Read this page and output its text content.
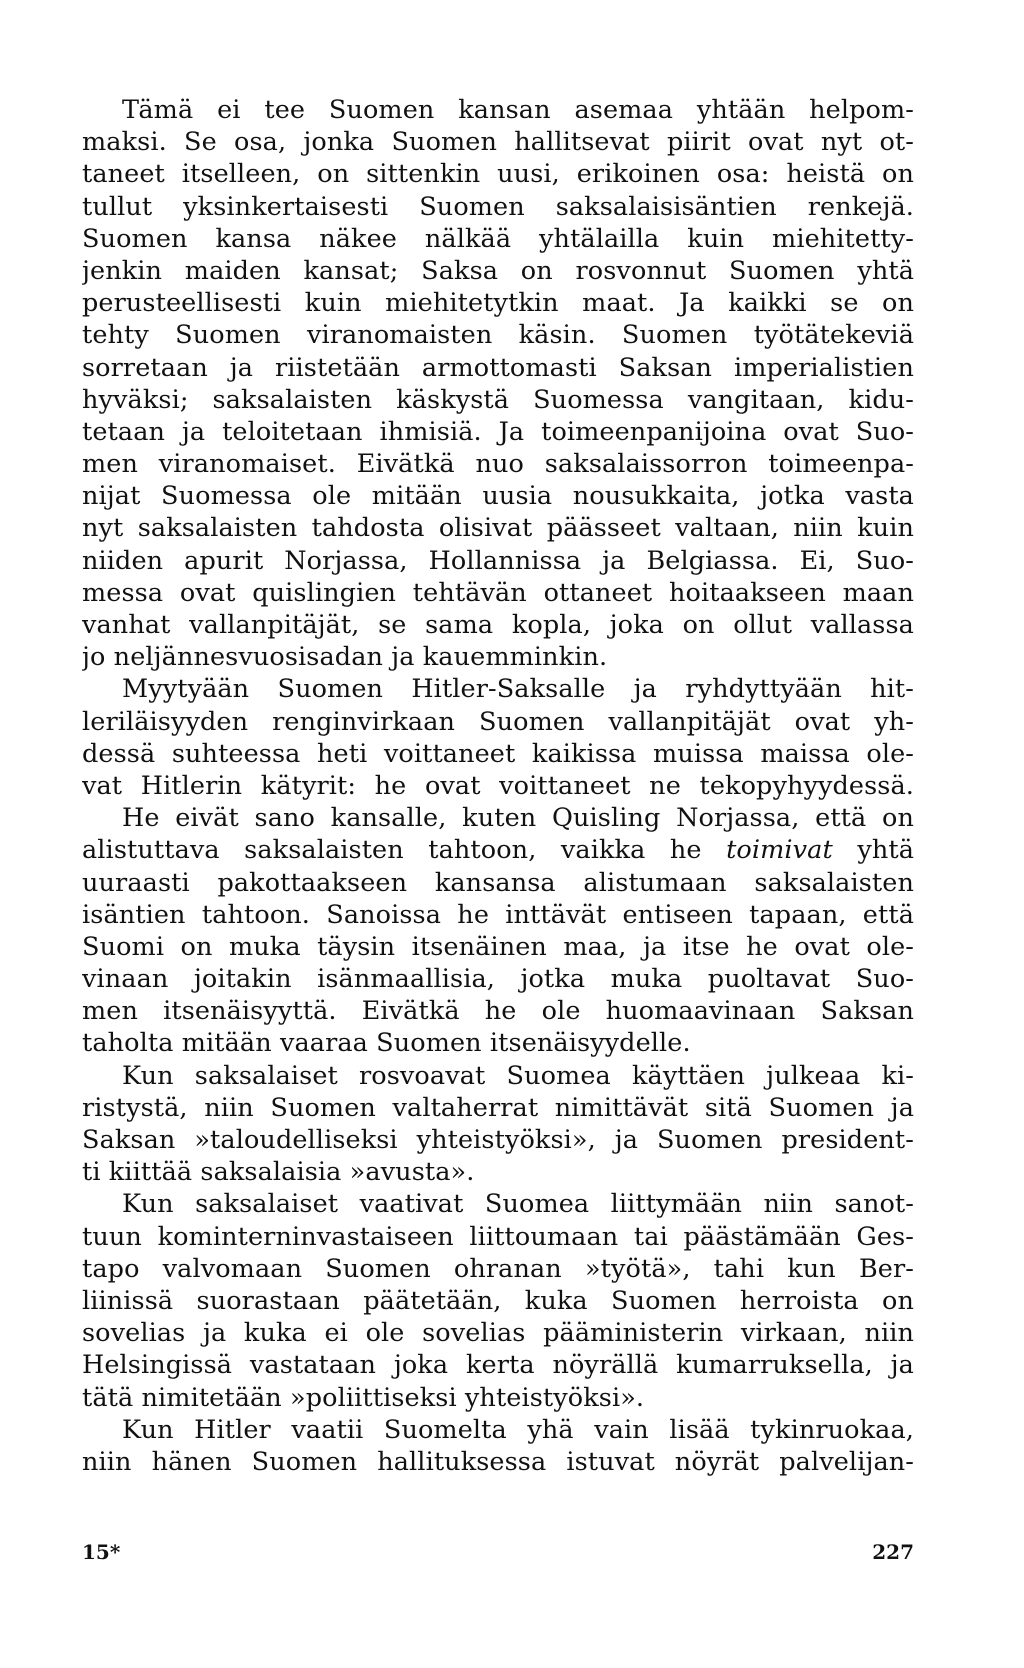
Tämä ei tee Suomen kansan asemaa yhtään helpom-
maksi. Se osa, jonka Suomen hallitsevat piirit ovat nyt ot-
taneet itselleen, on sittenkin uusi, erikoinen osa: heistä on
tullut yksinkertaisesti Suomen saksalaisisäntien renkejä.
Suomen kansa näkee nälkää yhtälailla kuin miehitetty-
jenkin maiden kansat; Saksa on rosvonnut Suomen yhtä
perusteellisesti kuin miehitetytkin maat. Ja kaikki se on
tehty Suomen viranomaisten käsin. Suomen työtätekeviä
sorretaan ja riistetään armottomasti Saksan imperialistien
hyväksi; saksalaisten käskystä Suomessa vangitaan, kidu-
tetaan ja teloitetaan ihmisiä. Ja toimeenpanijoina ovat Suo-
men viranomaiset. Eivätkä nuo saksalaissorron toimeenpa-
nijat Suomessa ole mitään uusia nousukkaita, jotka vasta
nyt saksalaisten tahdosta olisivat päässeet valtaan, niin kuin
niiden apurit Norjassa, Hollannissa ja Belgiassa. Ei, Suo-
messa ovat quislingien tehtävän ottaneet hoitaakseen maan
vanhat vallanpitäjät, se sama kopla, joka on ollut vallassa
jo neljännesvuosisadan ja kauemminkin.
Myytyään Suomen Hitler-Saksalle ja ryhdyttyään hit-
leriläisyyden renginvirkaan Suomen vallanpitäjät ovat yh-
dessä suhteessa heti voittaneet kaikissa muissa maissa ole-
vat Hitlerin kätyrit: he ovat voittaneet ne tekopyhyydessä.
He eivät sano kansalle, kuten Quisling Norjassa, että on
alistuttava saksalaisten tahtoon, vaikka he toimivat yhtä
uuraasti pakottaakseen kansansa alistumaan saksalaisten
isäntien tahtoon. Sanoissa he inttävät entiseen tapaan, että
Suomi on muka täysin itsenäinen maa, ja itse he ovat ole-
vinaan joitakin isänmaallisia, jotka muka puoltavat Suo-
men itsenäisyyttä. Eivätkä he ole huomaavinaan Saksan
taholta mitään vaaraa Suomen itsenäisyydelle.
Kun saksalaiset rosvoavat Suomea käyttäen julkeaa ki-
ristystä, niin Suomen valtaherrat nimittävät sitä Suomen ja
Saksan »taloudelliseksi yhteistyöksi», ja Suomen president-
ti kiittää saksalaisia »avusta».
Kun saksalaiset vaativat Suomea liittymään niin sanot-
tuun kominterninvastaiseen liittoumaan tai päästämään Ges-
tapo valvomaan Suomen ohranan »työtä», tahi kun Ber-
liinissä suorastaan päätetään, kuka Suomen herroista on
sovelias ja kuka ei ole sovelias pääministerin virkaan, niin
Helsingissä vastataan joka kerta nöyrällä kumarruksella, ja
tätä nimitetään »poliittiseksi yhteistyöksi».
Kun Hitler vaatii Suomelta yhä vain lisää tykinruokaa,
niin hänen Suomen hallituksessa istuvat nöyrät palvelijan-
15*	227
